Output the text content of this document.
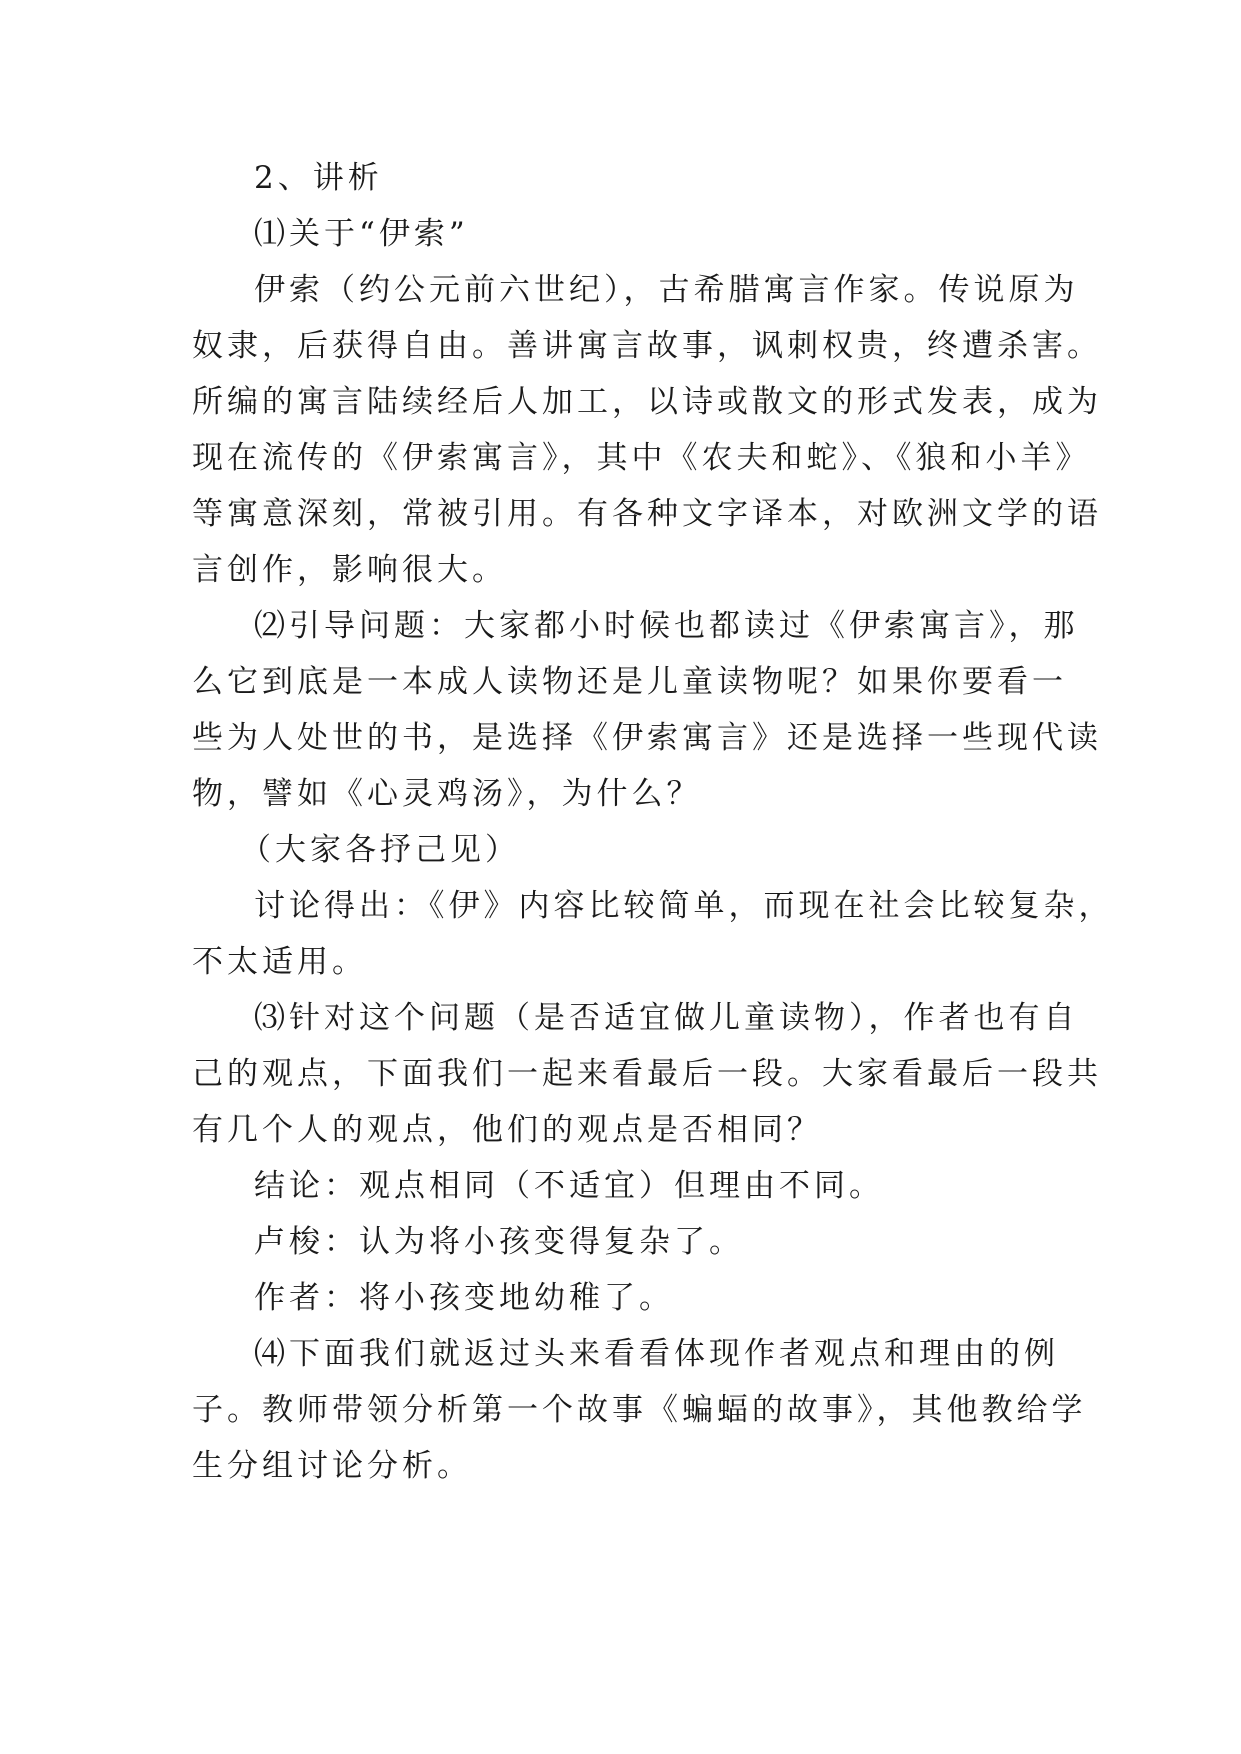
2、讲析
⑴关于“伊索”
伊索（约公元前六世纪），古希腊寓言作家。传说原为
奴隶，后获得自由。善讲寓言故事，讽刺权贵，终遭杀害。
所编的寓言陆续经后人加工，以诗或散文的形式发表，成为
现在流传的《伊索寓言》，其中《农夫和蛇》、《狼和小羊》
等寓意深刻，常被引用。有各种文字译本，对欧洲文学的语
言创作，影响很大。
⑵引导问题：大家都小时候也都读过《伊索寓言》，那
么它到底是一本成人读物还是儿童读物呢？如果你要看一
些为人处世的书，是选择《伊索寓言》还是选择一些现代读
物，譬如《心灵鸡汤》，为什么？
（大家各抒己见）
讨论得出：《伊》内容比较简单，而现在社会比较复杂，
不太适用。
⑶针对这个问题（是否适宜做儿童读物），作者也有自
己的观点，下面我们一起来看最后一段。大家看最后一段共
有几个人的观点，他们的观点是否相同？
结论：观点相同（不适宜）但理由不同。
卢梭：认为将小孩变得复杂了。
作者：将小孩变地幼稚了。
⑷下面我们就返过头来看看体现作者观点和理由的例
子。教师带领分析第一个故事《蝙蝠的故事》，其他教给学
生分组讨论分析。
